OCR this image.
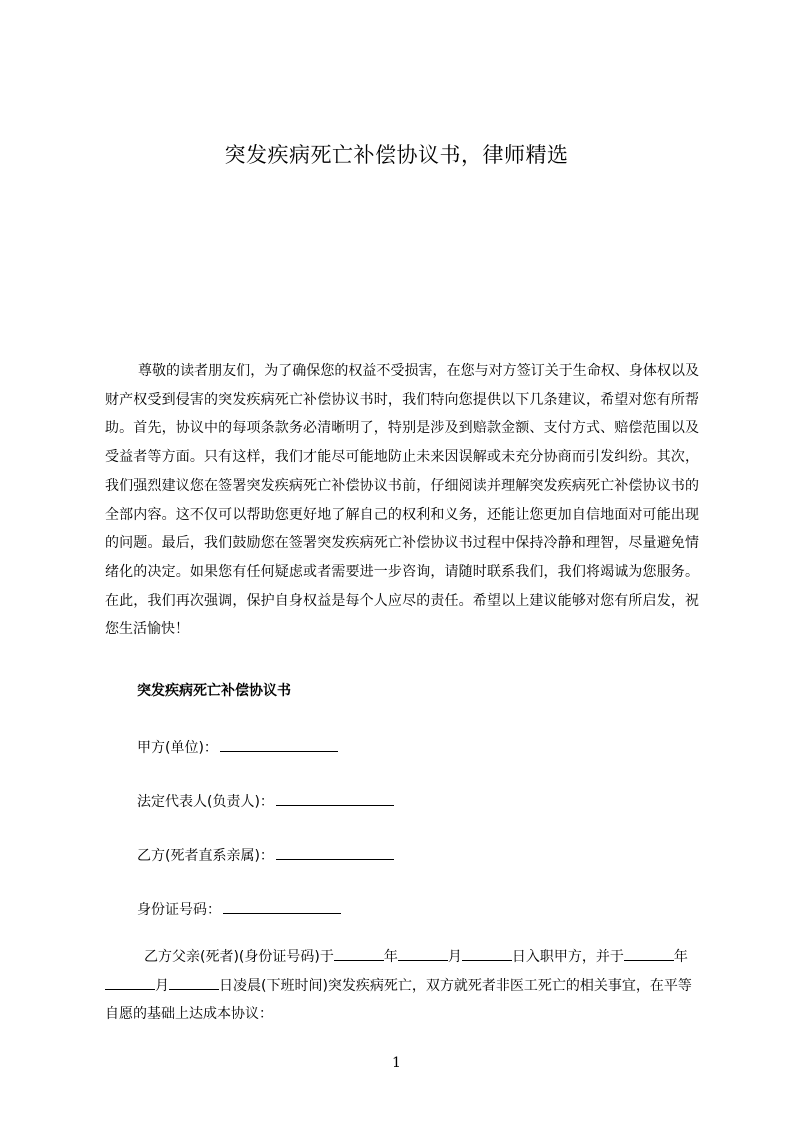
突发疾病死亡补偿协议书，律师精选

尊敬的读者朋友们，为了确保您的权益不受损害，在您与对方签订关于生命权、身体权以及财产权受到侵害的突发疾病死亡补偿协议书时，我们特向您提供以下几条建议，希望对您有所帮助。首先，协议中的每项条款务必清晰明了，特别是涉及到赔款金额、支付方式、赔偿范围以及受益者等方面。只有这样，我们才能尽可能地防止未来因误解或未充分协商而引发纠纷。其次，我们强烈建议您在签署突发疾病死亡补偿协议书前，仔细阅读并理解突发疾病死亡补偿协议书的全部内容。这不仅可以帮助您更好地了解自己的权利和义务，还能让您更加自信地面对可能出现的问题。最后，我们鼓励您在签署突发疾病死亡补偿协议书过程中保持冷静和理智，尽量避免情绪化的决定。如果您有任何疑虑或者需要进一步咨询，请随时联系我们，我们将竭诚为您服务。在此，我们再次强调，保护自身权益是每个人应尽的责任。希望以上建议能够对您有所启发，祝您生活愉快！

突发疾病死亡补偿协议书
甲方(单位)：
法定代表人(负责人)：
乙方(死者直系亲属)：
身份证号码：

乙方父亲(死者)(身份证号码)于	年	月	日入职甲方，并于	年月	日凌晨(下班时间)突发疾病死亡，双方就死者非医工死亡的相关事宜，在平等自愿的基础上达成本协议：

1
